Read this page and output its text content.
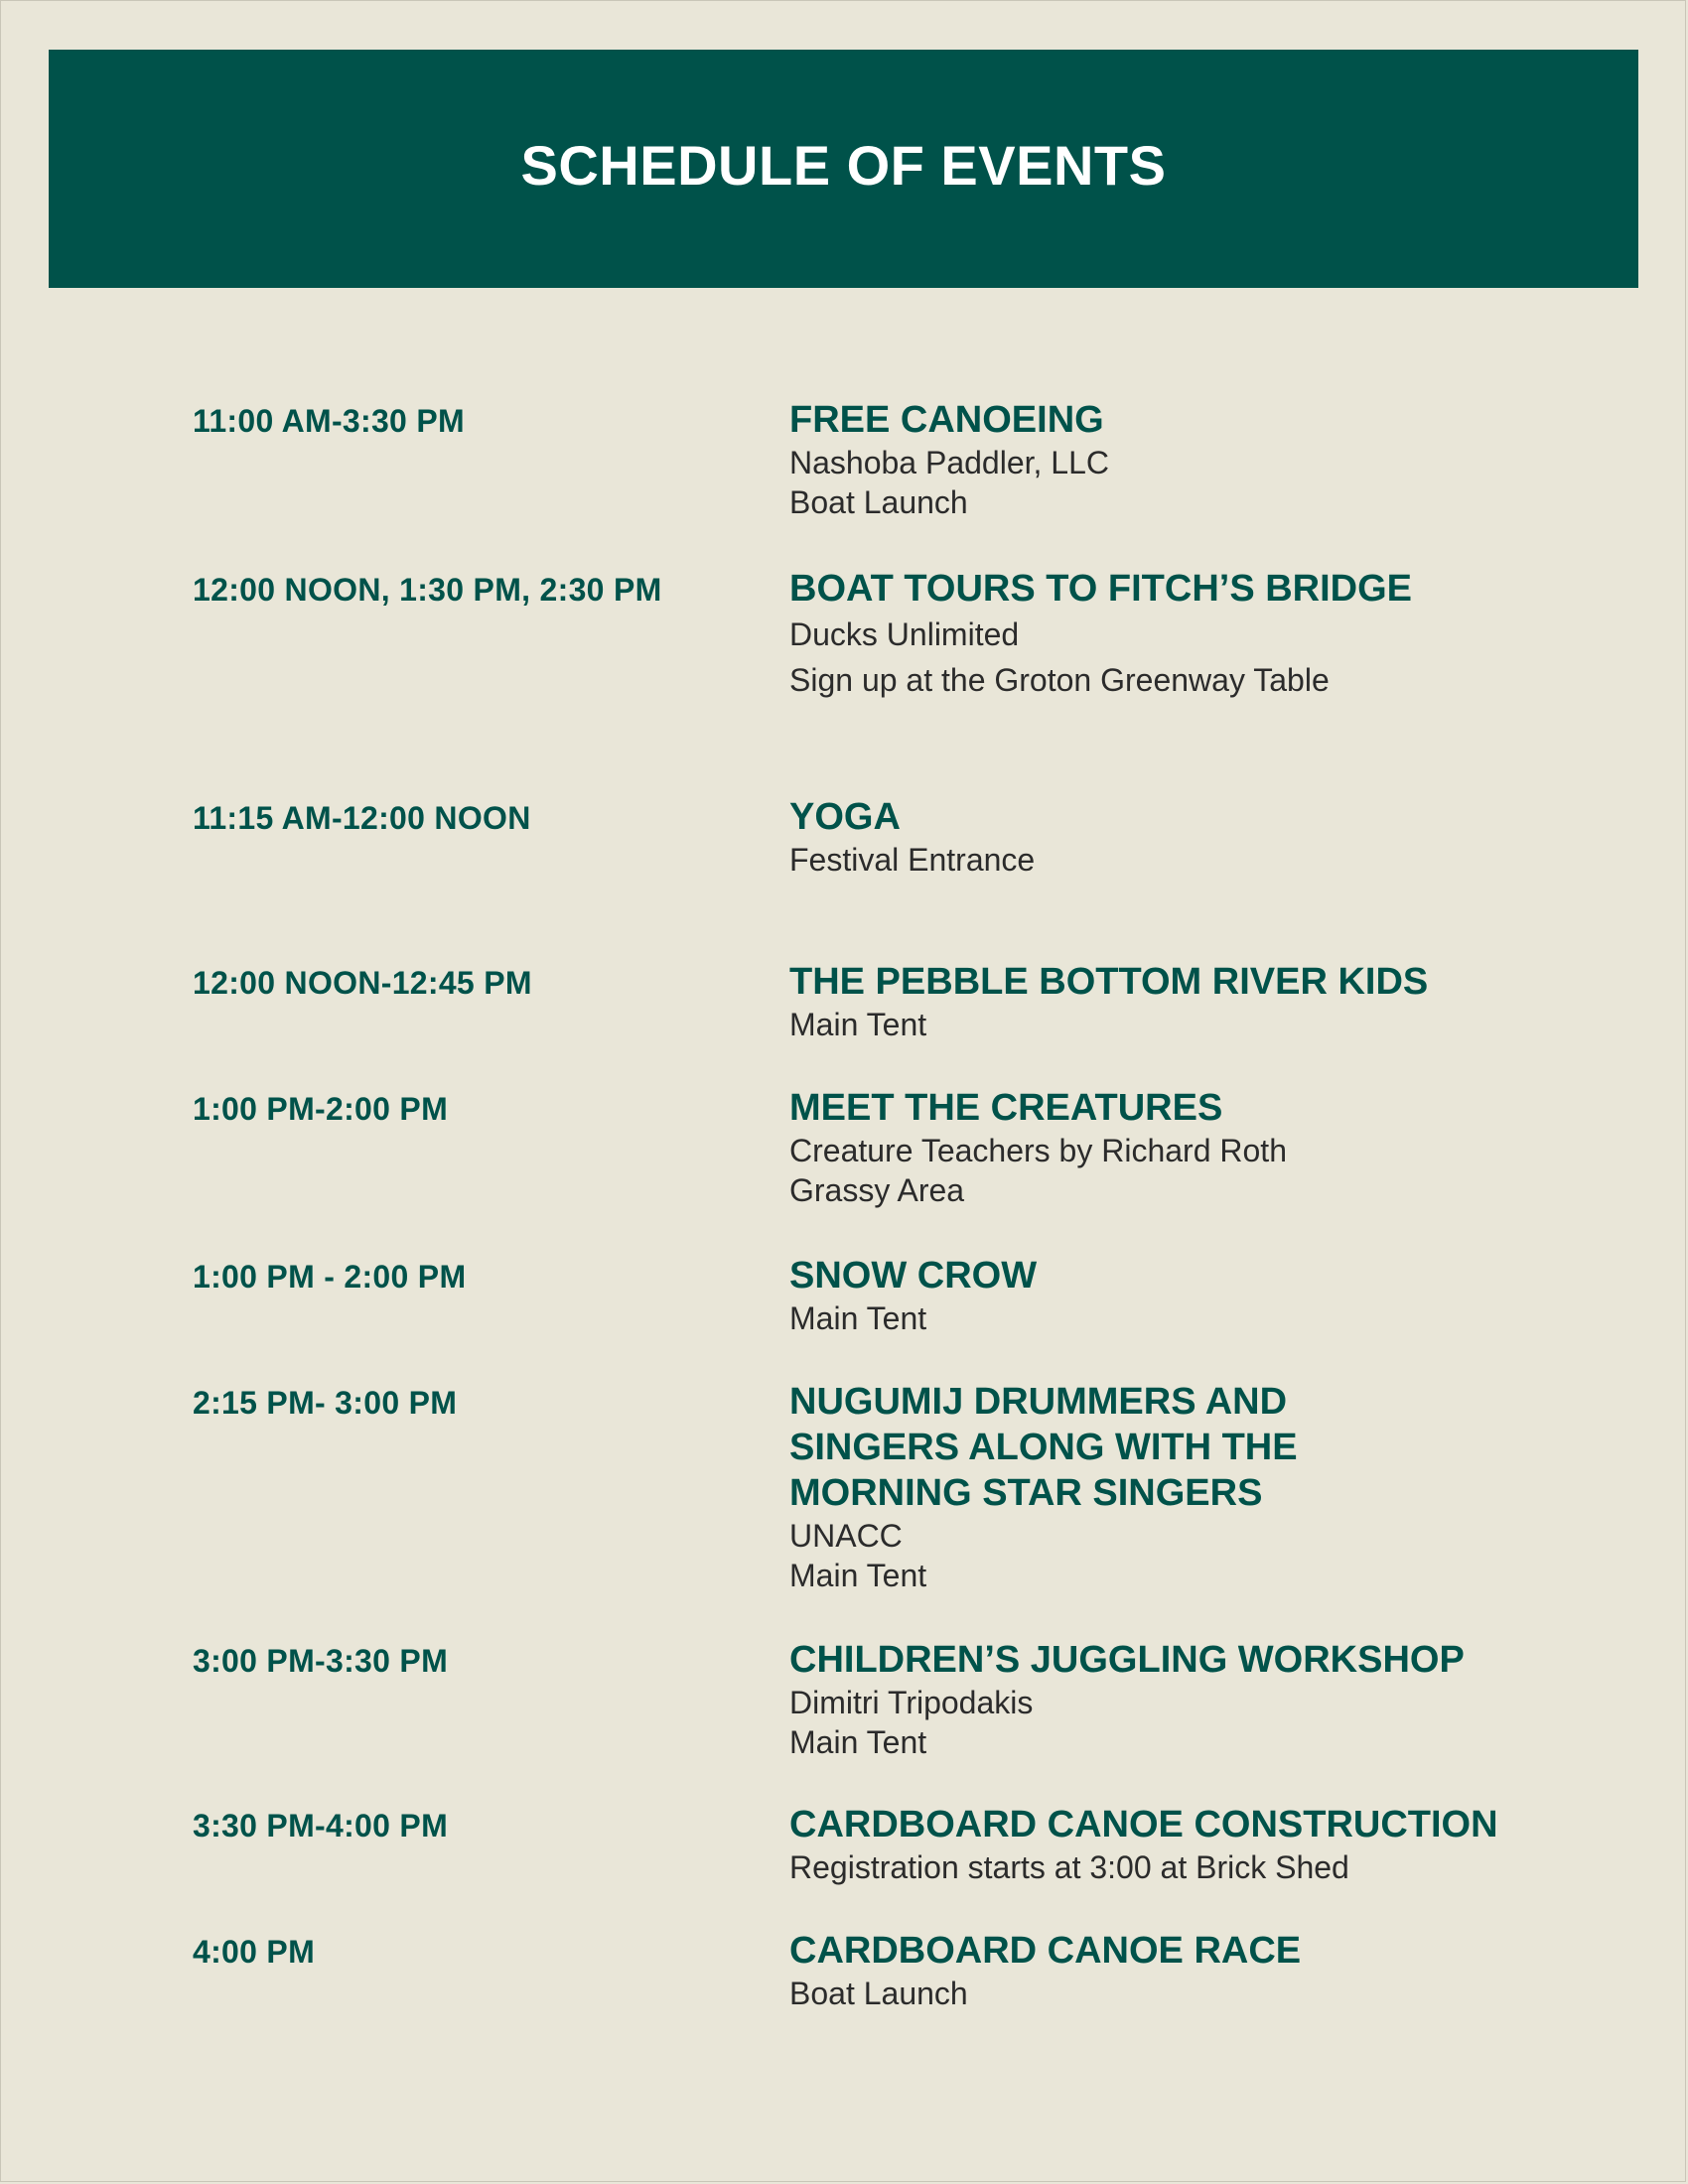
SCHEDULE OF EVENTS
11:00 AM-3:30 PM	FREE CANOEING
Nashoba Paddler, LLC
Boat Launch
12:00 NOON, 1:30 PM, 2:30 PM	BOAT TOURS TO FITCH’S BRIDGE
Ducks Unlimited
Sign up at the Groton Greenway Table
11:15 AM-12:00 NOON	YOGA
Festival Entrance
12:00 NOON-12:45 PM	THE PEBBLE BOTTOM RIVER KIDS
Main Tent
1:00 PM-2:00 PM	MEET THE CREATURES
Creature Teachers by Richard Roth
Grassy Area
1:00 PM - 2:00 PM	SNOW CROW
Main Tent
2:15 PM- 3:00 PM	NUGUMIJ DRUMMERS AND
SINGERS ALONG WITH THE
MORNING STAR SINGERS
UNACC
Main Tent
3:00 PM-3:30 PM	CHILDREN’S JUGGLING WORKSHOP
Dimitri Tripodakis
Main Tent
3:30 PM-4:00 PM	CARDBOARD CANOE CONSTRUCTION
Registration starts at 3:00 at Brick Shed
4:00 PM	CARDBOARD CANOE RACE
Boat Launch
